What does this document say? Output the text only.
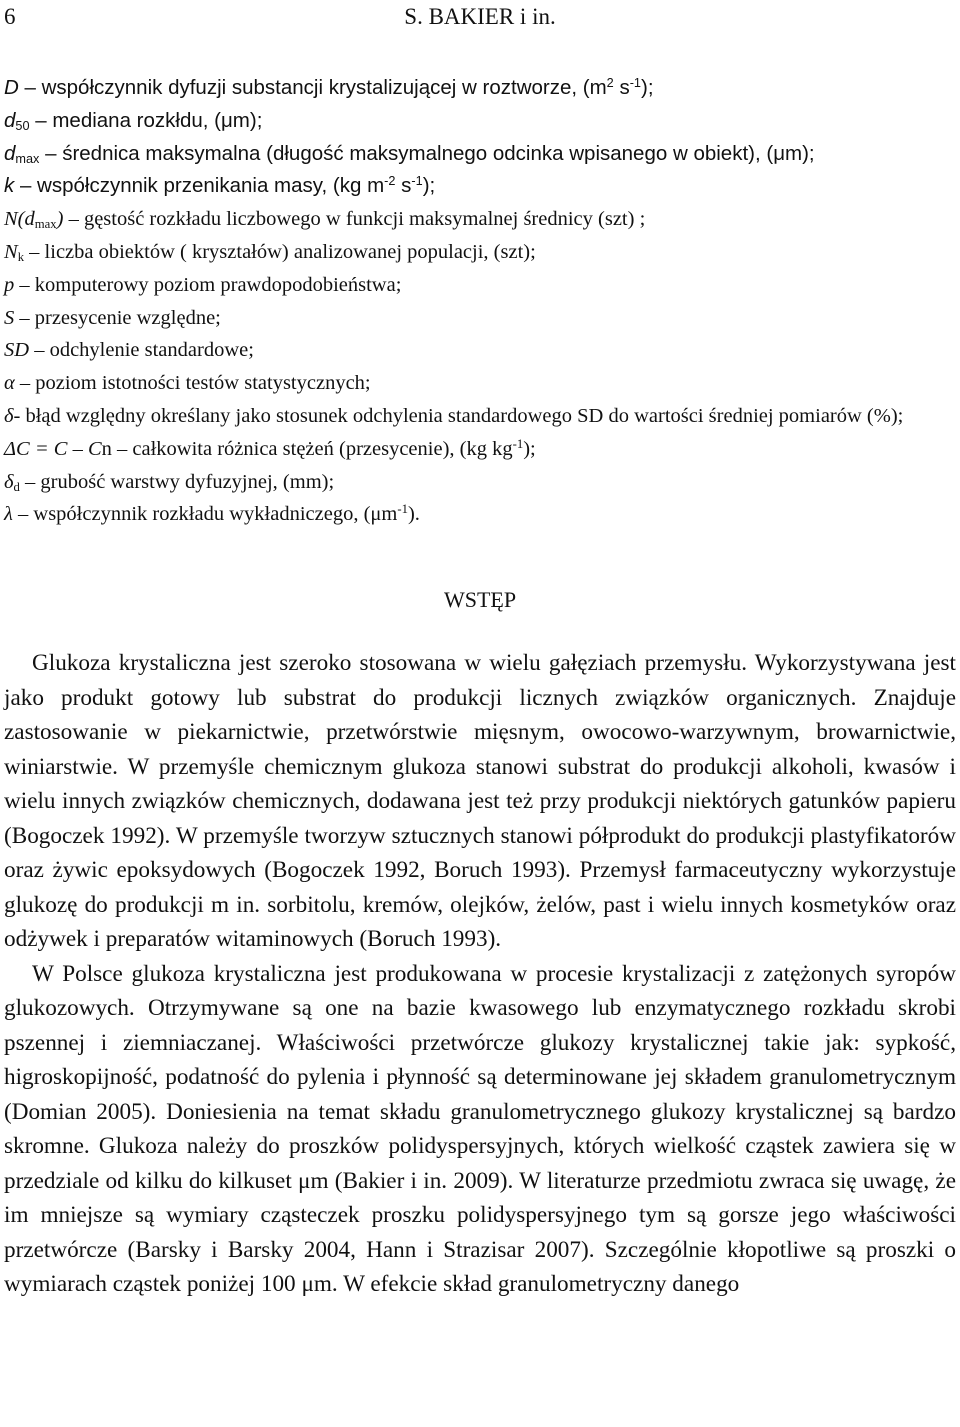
6	S. BAKIER i in.
D – współczynnik dyfuzji substancji krystalizującej w roztworze, ($m^2$ $s^{-1}$);
$d_{50}$ – mediana rozkłdu, (μm);
$d_{max}$ – średnica maksymalna (długość maksymalnego odcinka wpisanego w obiekt), (μm);
k – współczynnik przenikania masy, (kg $m^{-2}$ $s^{-1}$);
$N(d_{max})$ – gęstość rozkładu liczbowego w funkcji maksymalnej średnicy (szt) ;
$N_k$ – liczba obiektów ( kryształów) analizowanej populacji, (szt);
p – komputerowy poziom prawdopodobieństwa;
S – przesycenie względne;
SD – odchylenie standardowe;
α – poziom istotności testów statystycznych;
δ- błąd względny określany jako stosunek odchylenia standardowego SD do wartości średniej pomiarów (%);
ΔC = C – Cn – całkowita różnica stężeń (przesycenie), (kg $kg^{-1}$);
$\delta_d$ – grubość warstwy dyfuzyjnej, (mm);
λ – współczynnik rozkładu wykładniczego, $(\mu m^{-1})$.
WSTĘP

Glukoza krystaliczna jest szeroko stosowana w wielu gałęziach przemysłu. Wykorzystywana jest jako produkt gotowy lub substrat do produkcji licznych związków organicznych. Znajduje zastosowanie w piekarnictwie, przetwórstwie mięsnym, owocowo-warzywnym, browarnictwie, winiarstwie. W przemyśle chemicznym glukoza stanowi substrat do produkcji alkoholi, kwasów i wielu innych związków chemicznych, dodawana jest też przy produkcji niektórych gatunków papieru (Bogoczek 1992). W przemyśle tworzyw sztucznych stanowi półprodukt do produkcji plastyfikatorów oraz żywic epoksydowych (Bogoczek 1992, Boruch 1993). Przemysł farmaceutyczny wykorzystuje glukozę do produkcji m in. sorbitolu, kremów, olejków, żelów, past i wielu innych kosmetyków oraz odżywek i preparatów witaminowych (Boruch 1993).

W Polsce glukoza krystaliczna jest produkowana w procesie krystalizacji z zatężonych syropów glukozowych. Otrzymywane są one na bazie kwasowego lub enzymatycznego rozkładu skrobi pszennej i ziemniaczanej. Właściwości przetwórcze glukozy krystalicznej takie jak: sypkość, higroskopijność, podatność do pylenia i płynność są determinowane jej składem granulometrycznym (Domian 2005). Doniesienia na temat składu granulometrycznego glukozy krystalicznej są bardzo skromne. Glukoza należy do proszków polidyspersyjnych, których wielkość cząstek zawiera się w przedziale od kilku do kilkuset μm (Bakier i in. 2009). W literaturze przedmiotu zwraca się uwagę, że im mniejsze są wymiary cząsteczek proszku polidyspersyjnego tym są gorsze jego właściwości przetwórcze (Barsky i Barsky 2004, Hann i Strazisar 2007). Szczególnie kłopotliwe są proszki o wymiarach cząstek poniżej 100 μm. W efekcie skład granulometryczny danego
